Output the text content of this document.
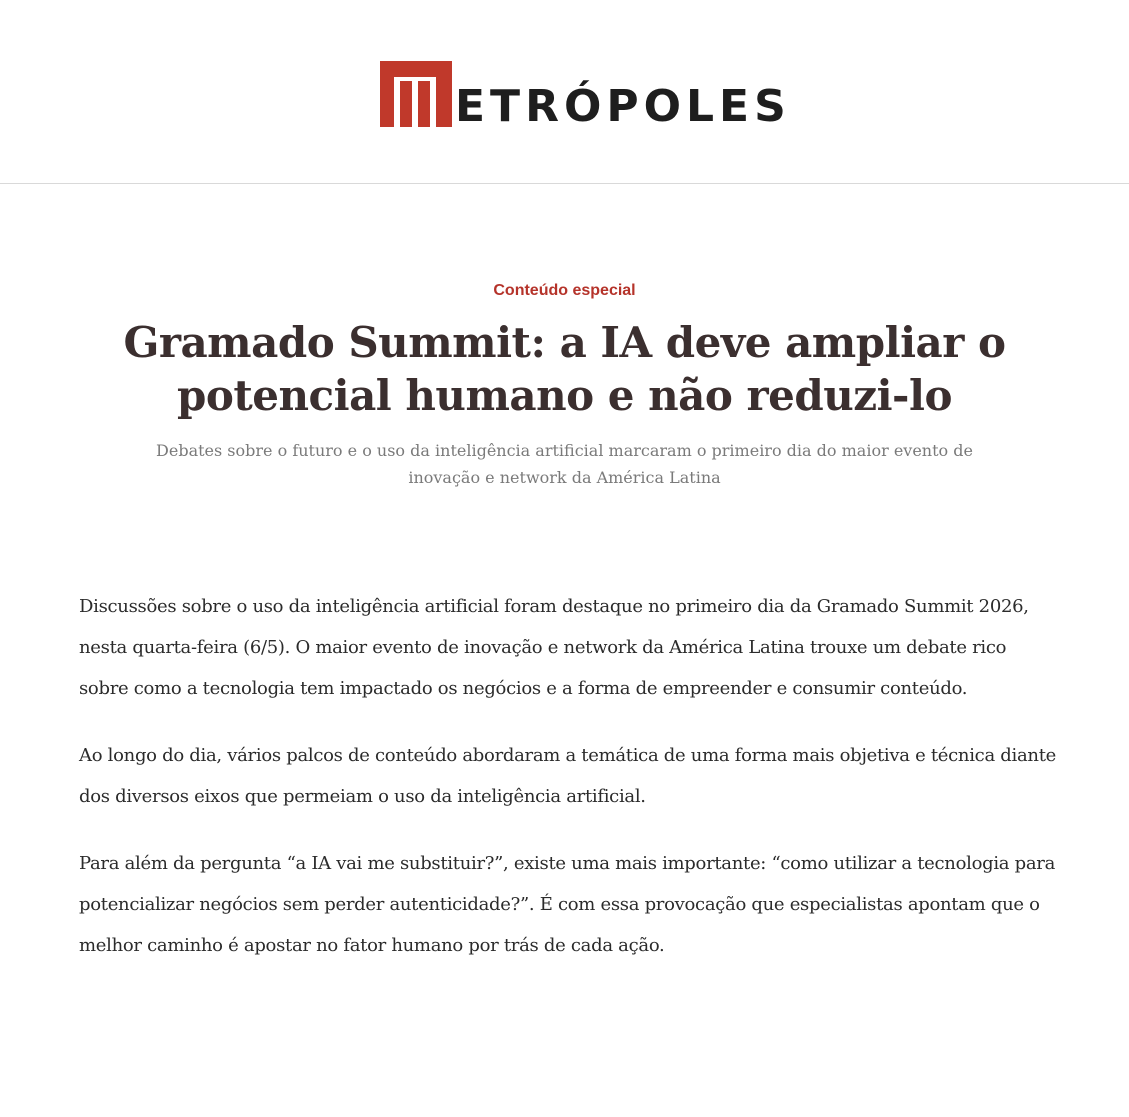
ETRÓPOLES
Conteúdo especial
Gramado Summit: a IA deve ampliar o potencial humano e não reduzi-lo

Debates sobre o futuro e o uso da inteligência artificial marcaram o primeiro dia do maior evento de inovação e network da América Latina

Discussões sobre o uso da inteligência artificial foram destaque no primeiro dia da Gramado Summit 2026, nesta quarta-feira (6/5). O maior evento de inovação e network da América Latina trouxe um debate rico sobre como a tecnologia tem impactado os negócios e a forma de empreender e consumir conteúdo.

Ao longo do dia, vários palcos de conteúdo abordaram a temática de uma forma mais objetiva e técnica diante dos diversos eixos que permeiam o uso da inteligência artificial.

Para além da pergunta “a IA vai me substituir?”, existe uma mais importante: “como utilizar a tecnologia para potencializar negócios sem perder autenticidade?”. É com essa provocação que especialistas apontam que o melhor caminho é apostar no fator humano por trás de cada ação.
